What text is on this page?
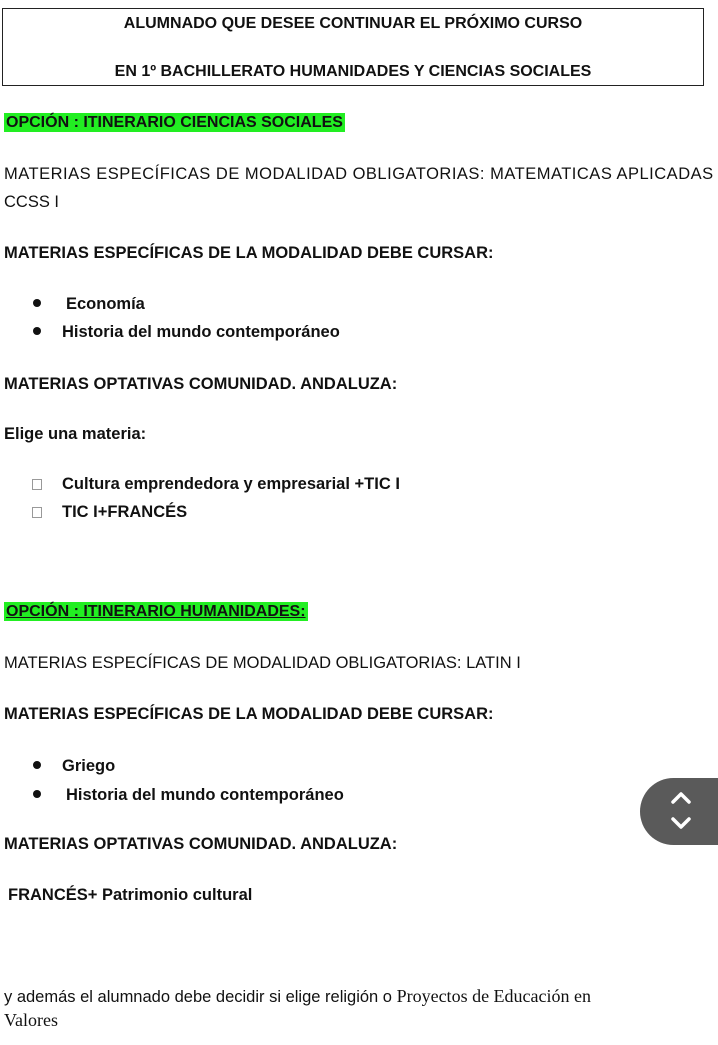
ALUMNADO QUE DESEE CONTINUAR EL PRÓXIMO CURSO
EN 1º BACHILLERATO HUMANIDADES Y CIENCIAS SOCIALES
OPCIÓN : ITINERARIO CIENCIAS SOCIALES
MATERIAS ESPECÍFICAS DE MODALIDAD OBLIGATORIAS: MATEMATICAS APLICADAS
CCSS I
MATERIAS ESPECÍFICAS DE LA MODALIDAD DEBE CURSAR:
Economía
Historia del mundo contemporáneo
MATERIAS OPTATIVAS COMUNIDAD. ANDALUZA:
Elige una materia:
Cultura emprendedora y empresarial +TIC I
TIC I+FRANCÉS
OPCIÓN : ITINERARIO HUMANIDADES:
MATERIAS ESPECÍFICAS DE MODALIDAD OBLIGATORIAS: LATIN I
MATERIAS ESPECÍFICAS DE LA MODALIDAD DEBE CURSAR:
Griego
Historia del mundo contemporáneo
MATERIAS OPTATIVAS COMUNIDAD. ANDALUZA:
FRANCÉS+ Patrimonio cultural
y además el alumnado debe decidir si elige religión o Proyectos de Educación en
Valores
